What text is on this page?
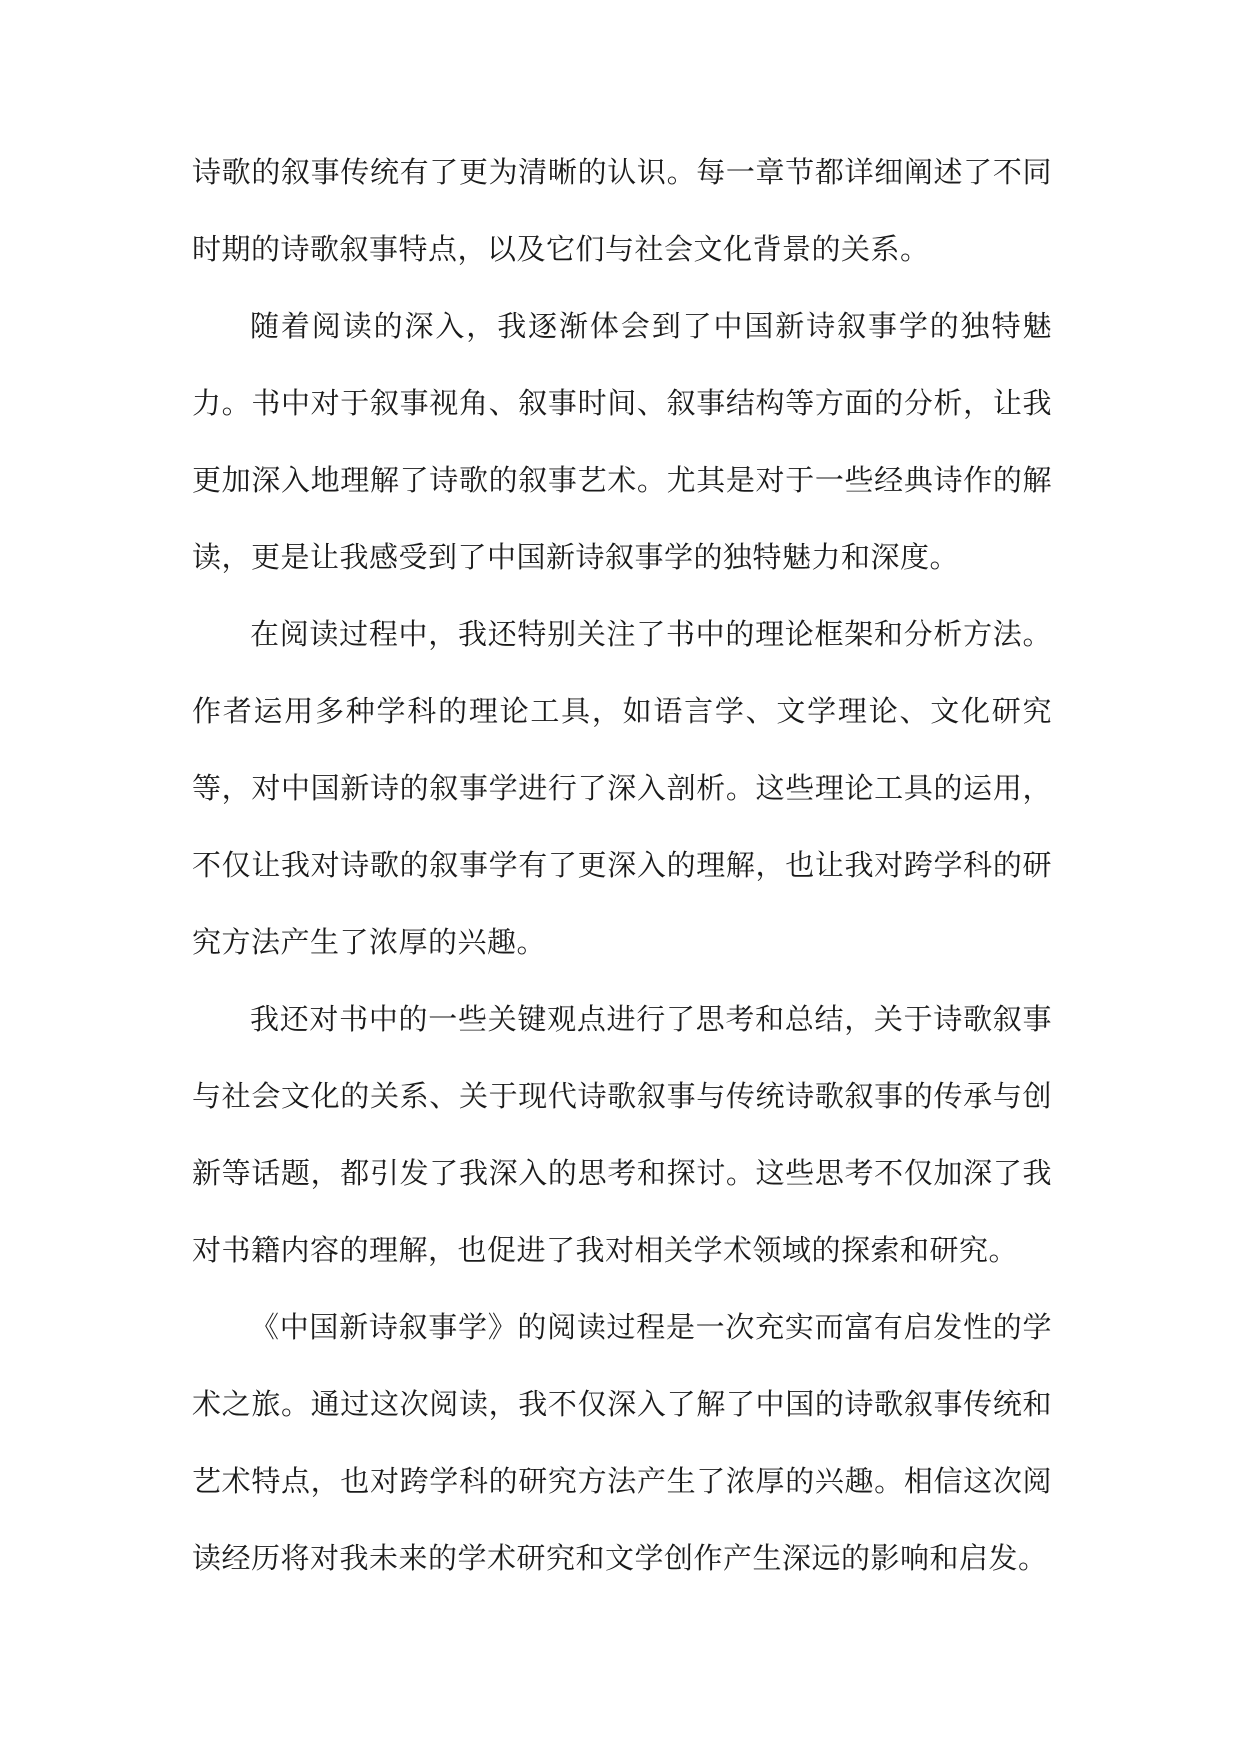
诗歌的叙事传统有了更为清晰的认识。每一章节都详细阐述了不同时期的诗歌叙事特点，以及它们与社会文化背景的关系。

随着阅读的深入，我逐渐体会到了中国新诗叙事学的独特魅力。书中对于叙事视角、叙事时间、叙事结构等方面的分析，让我更加深入地理解了诗歌的叙事艺术。尤其是对于一些经典诗作的解读，更是让我感受到了中国新诗叙事学的独特魅力和深度。

在阅读过程中，我还特别关注了书中的理论框架和分析方法。作者运用多种学科的理论工具，如语言学、文学理论、文化研究等，对中国新诗的叙事学进行了深入剖析。这些理论工具的运用，不仅让我对诗歌的叙事学有了更深入的理解，也让我对跨学科的研究方法产生了浓厚的兴趣。

我还对书中的一些关键观点进行了思考和总结，关于诗歌叙事与社会文化的关系、关于现代诗歌叙事与传统诗歌叙事的传承与创新等话题，都引发了我深入的思考和探讨。这些思考不仅加深了我对书籍内容的理解，也促进了我对相关学术领域的探索和研究。

《中国新诗叙事学》的阅读过程是一次充实而富有启发性的学术之旅。通过这次阅读，我不仅深入了解了中国的诗歌叙事传统和艺术特点，也对跨学科的研究方法产生了浓厚的兴趣。相信这次阅读经历将对我未来的学术研究和文学创作产生深远的影响和启发。
